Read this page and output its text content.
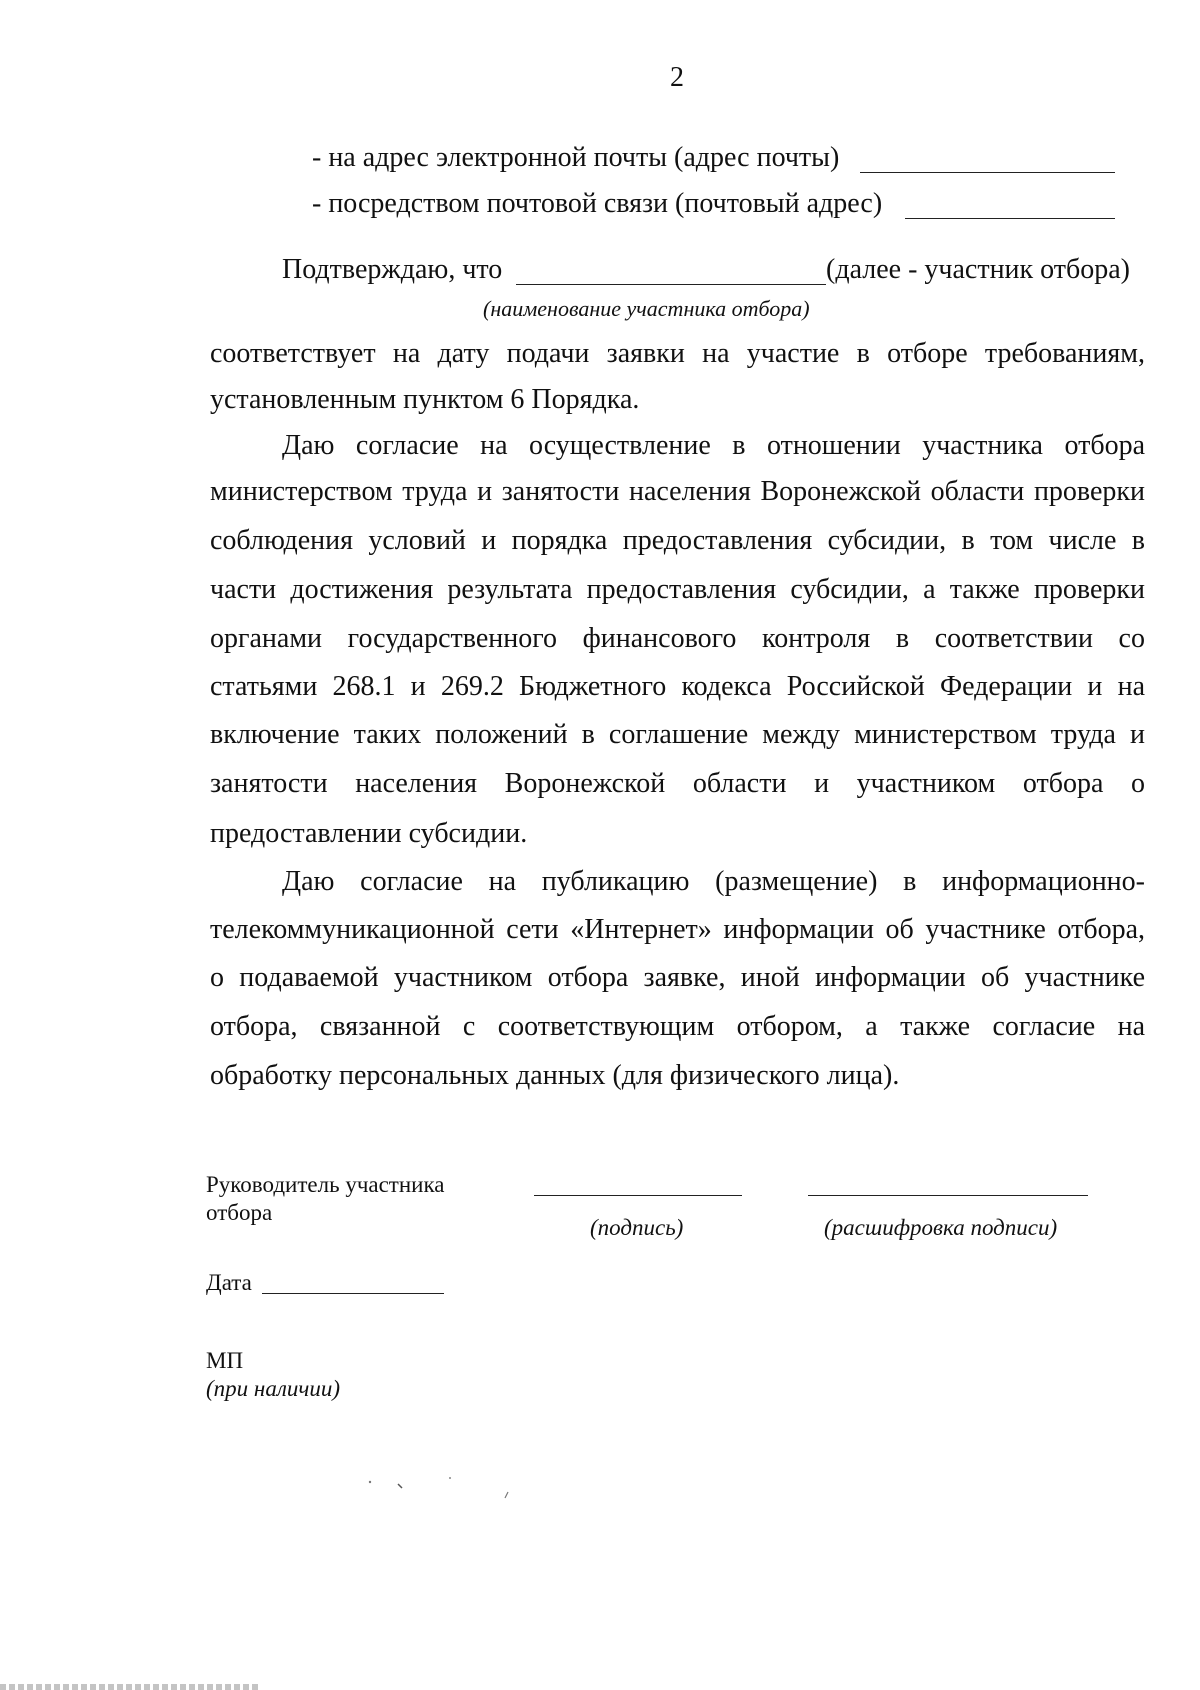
2
- на адрес электронной почты (адрес почты)
- посредством почтовой связи (почтовый адрес)
Подтверждаю, что	(далее - участник отбора)
(наименование участника отбора)
соответствует на дату подачи заявки на участие в отборе требованиям,
установленным пунктом 6 Порядка.
Даю согласие на осуществление в отношении участника отбора
министерством труда и занятости населения Воронежской области проверки
соблюдения условий и порядка предоставления субсидии, в том числе в
части достижения результата предоставления субсидии, а также проверки
органами государственного финансового контроля в соответствии со
статьями 268.1 и 269.2 Бюджетного кодекса Российской Федерации и на
включение таких положений в соглашение между министерством труда и
занятости населения Воронежской области и участником отбора о
предоставлении субсидии.
Даю согласие на публикацию (размещение) в информационно-
телекоммуникационной сети «Интернет» информации об участнике отбора,
о подаваемой участником отбора заявке, иной информации об участнике
отбора, связанной с соответствующим отбором, а также согласие на
обработку персональных данных (для физического лица).
Руководитель участника
отбора
(подпись)	(расшифровка подписи)
Дата
МП
(при наличии)
